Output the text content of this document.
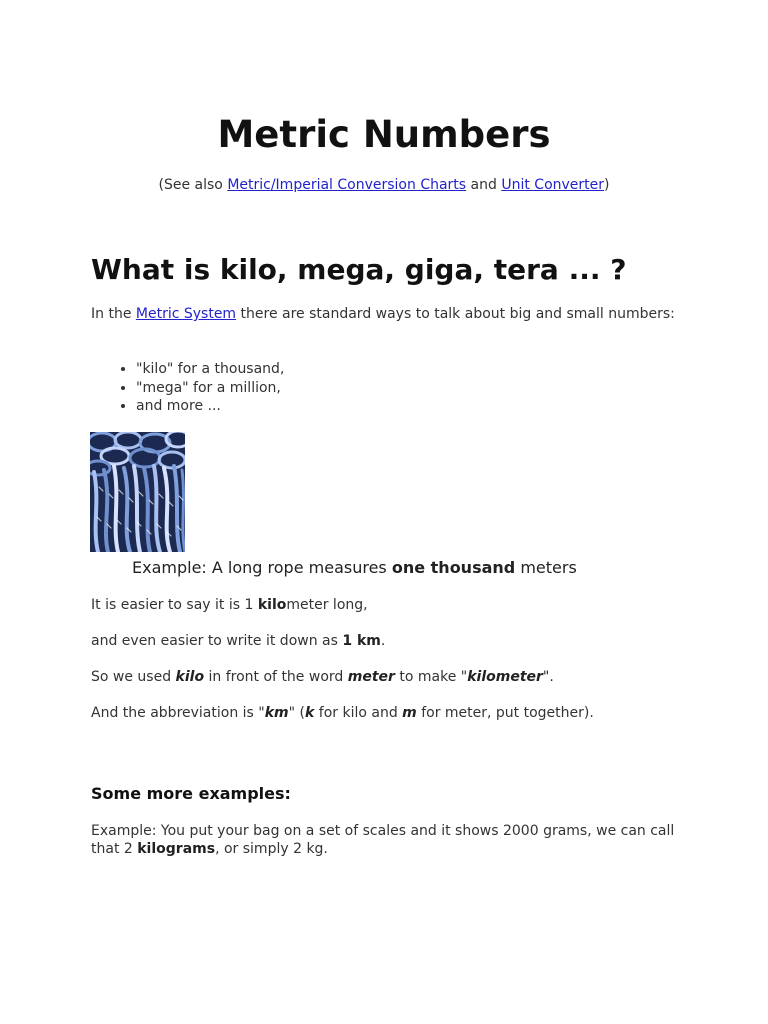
Metric Numbers
(See also Metric/Imperial Conversion Charts and Unit Converter)
What is kilo, mega, giga, tera ... ?

In the Metric System there are standard ways to talk about big and small numbers:

• "kilo" for a thousand,
• "mega" for a million,
• and more ...
Example: A long rope measures one thousand meters

It is easier to say it is 1 kilometer long,

and even easier to write it down as 1 km.

So we used kilo in front of the word meter to make "kilometer".

And the abbreviation is "km" (k for kilo and m for meter, put together).

Some more examples:

Example: You put your bag on a set of scales and it shows 2000 grams, we can call that 2 kilograms, or simply 2 kg.
